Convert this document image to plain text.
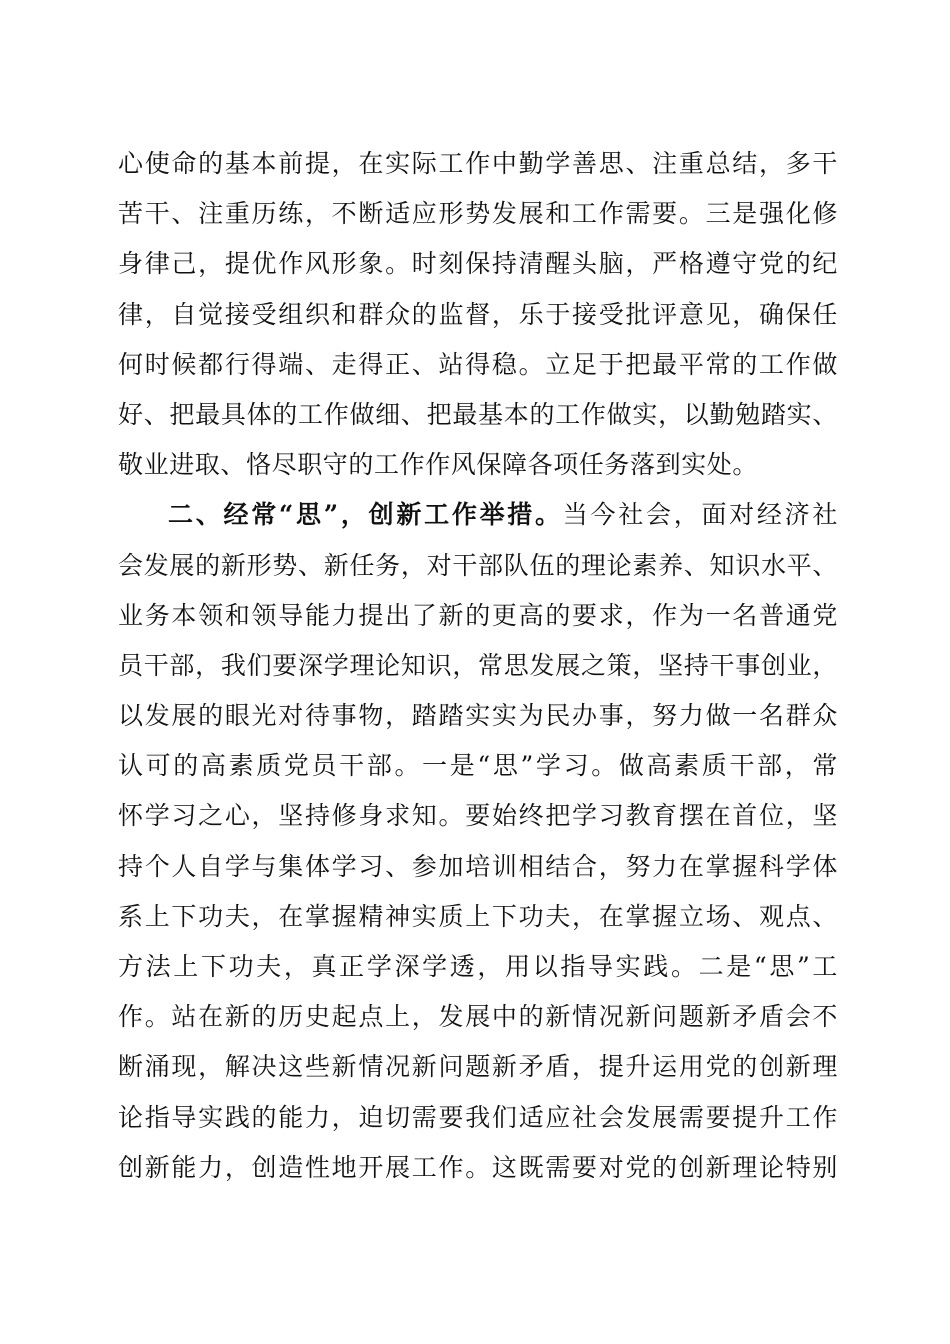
心使命的基本前提，在实际工作中勤学善思、注重总结，多干
苦干、注重历练，不断适应形势发展和工作需要。三是强化修
身律己，提优作风形象。时刻保持清醒头脑，严格遵守党的纪
律，自觉接受组织和群众的监督，乐于接受批评意见，确保任
何时候都行得端、走得正、站得稳。立足于把最平常的工作做
好、把最具体的工作做细、把最基本的工作做实，以勤勉踏实、
敬业进取、恪尽职守的工作作风保障各项任务落到实处。
二、经常“思”，创新工作举措。当今社会，面对经济社
会发展的新形势、新任务，对干部队伍的理论素养、知识水平、
业务本领和领导能力提出了新的更高的要求，作为一名普通党
员干部，我们要深学理论知识，常思发展之策，坚持干事创业，
以发展的眼光对待事物，踏踏实实为民办事，努力做一名群众
认可的高素质党员干部。一是“思”学习。做高素质干部，常
怀学习之心，坚持修身求知。要始终把学习教育摆在首位，坚
持个人自学与集体学习、参加培训相结合，努力在掌握科学体
系上下功夫，在掌握精神实质上下功夫，在掌握立场、观点、
方法上下功夫，真正学深学透，用以指导实践。二是“思”工
作。站在新的历史起点上，发展中的新情况新问题新矛盾会不
断涌现，解决这些新情况新问题新矛盾，提升运用党的创新理
论指导实践的能力，迫切需要我们适应社会发展需要提升工作
创新能力，创造性地开展工作。这既需要对党的创新理论特别
